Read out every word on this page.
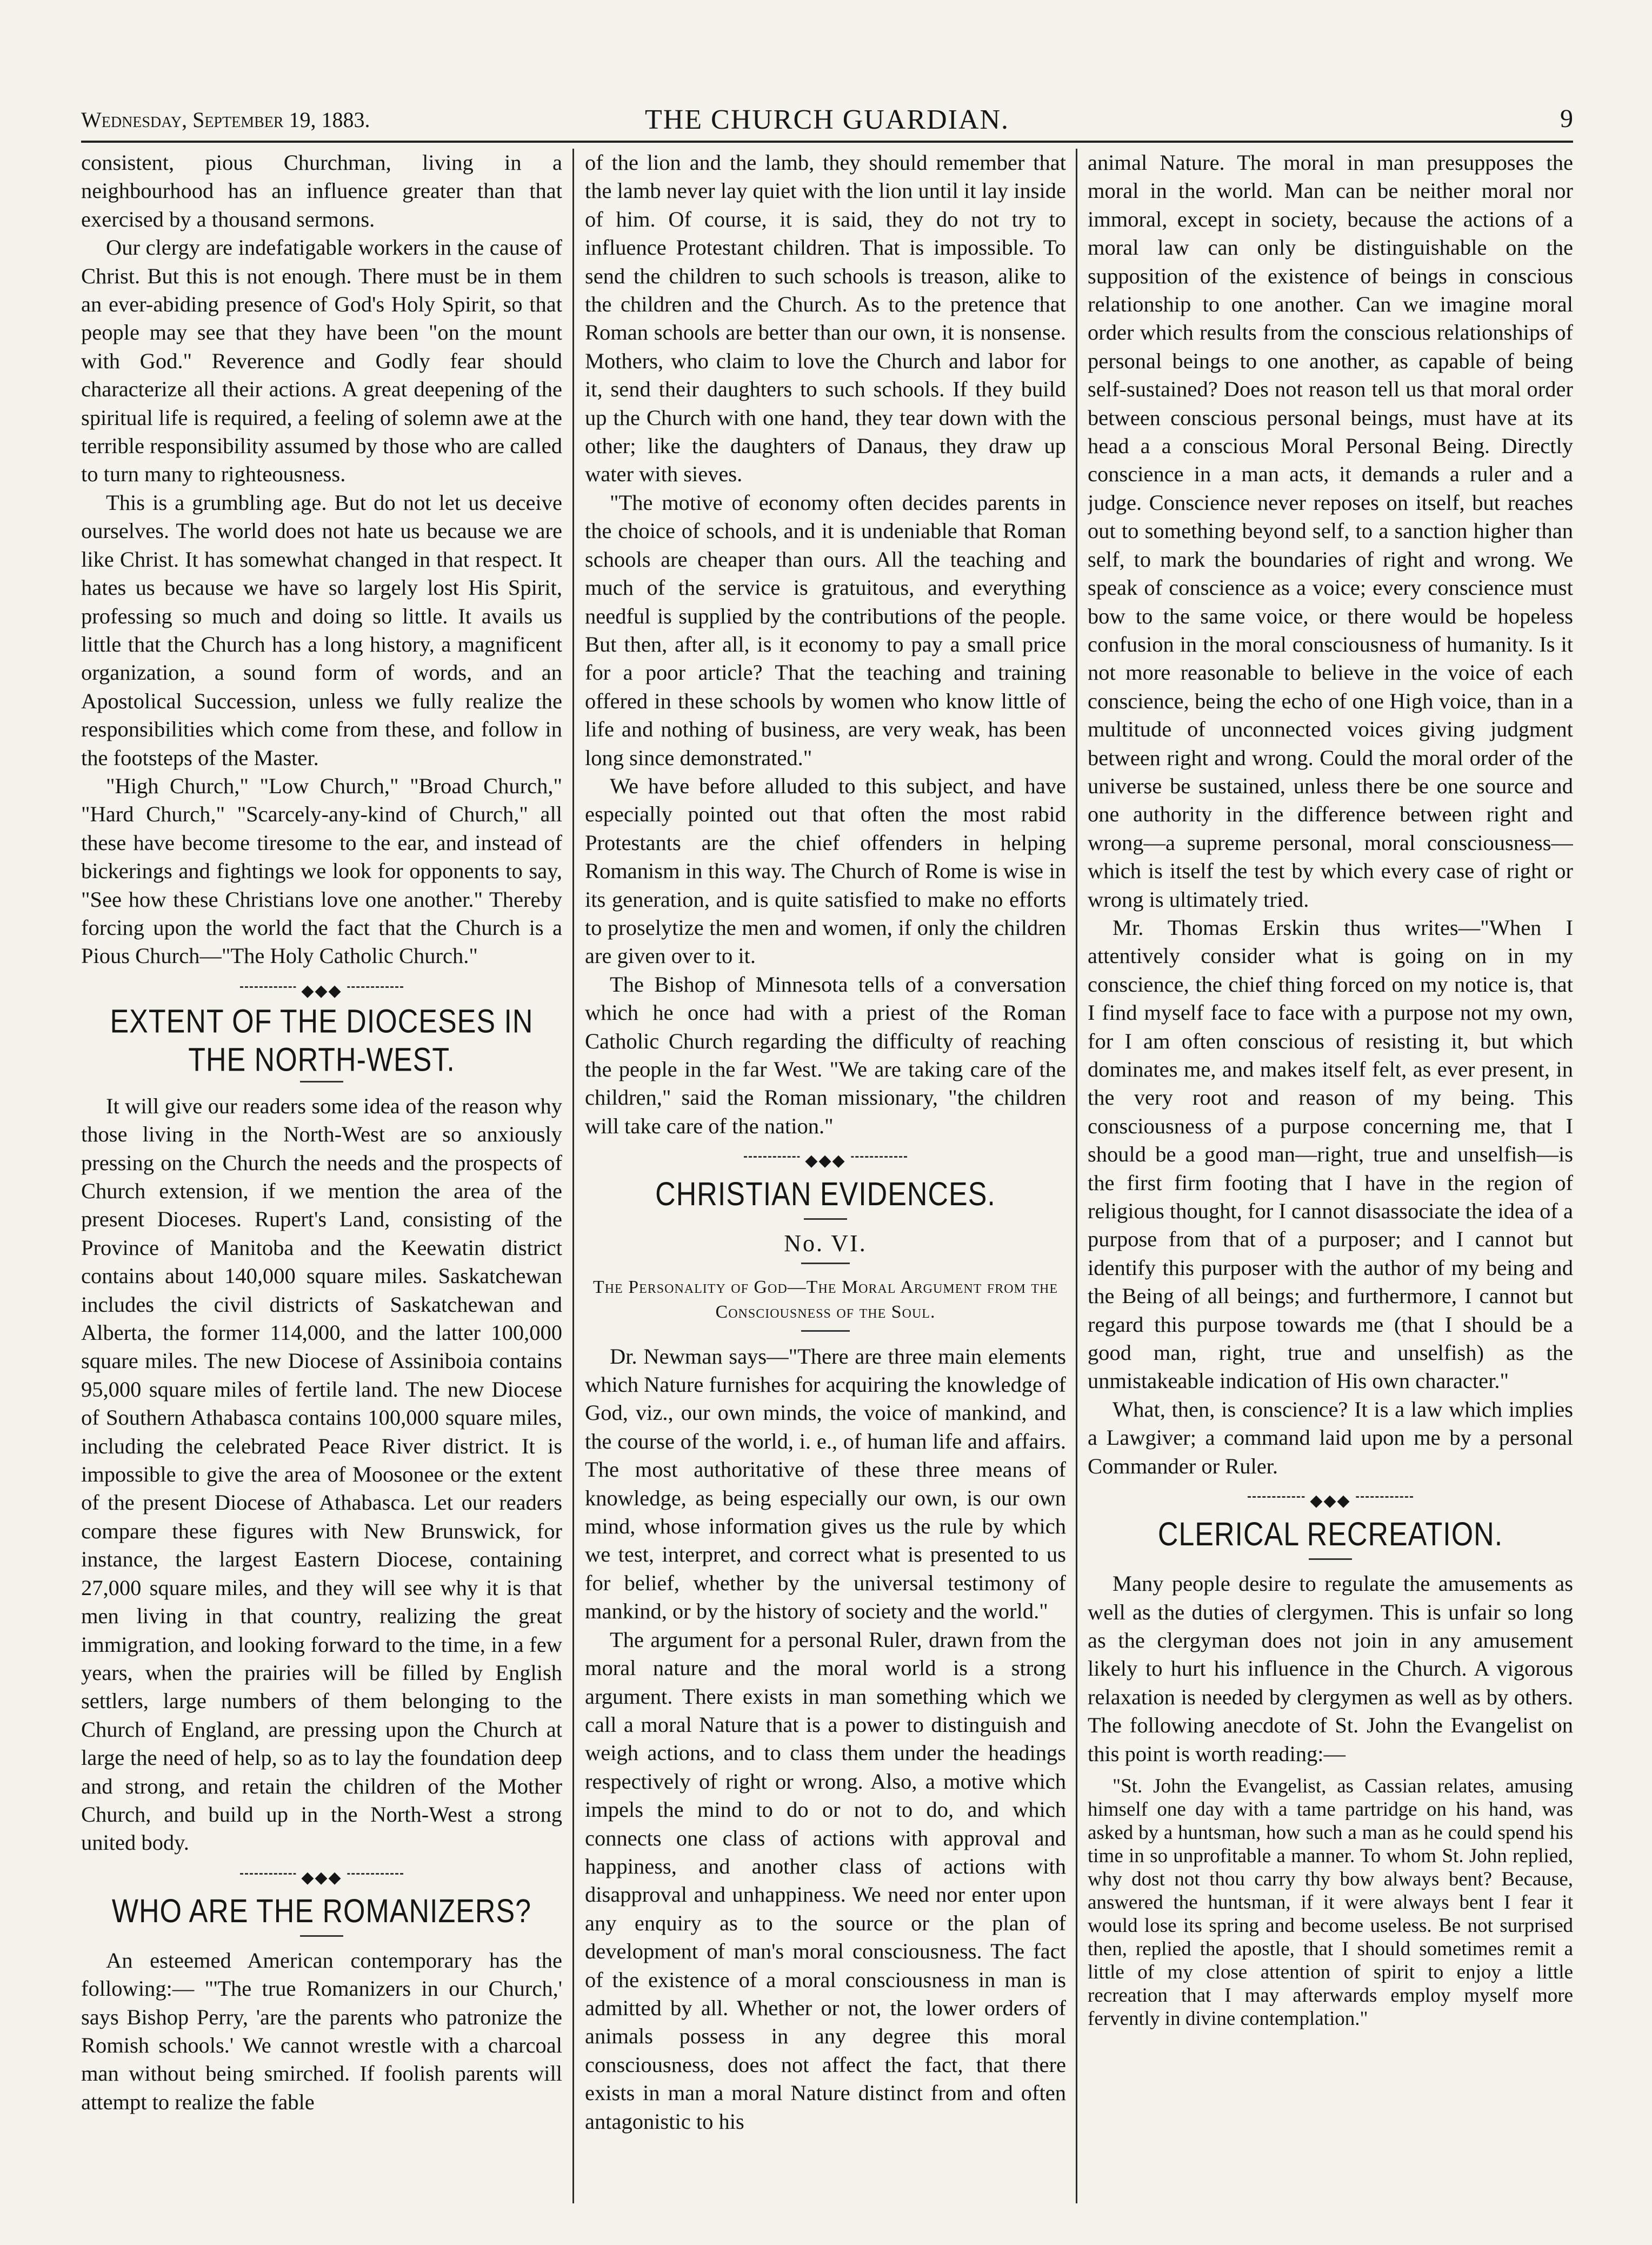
Wednesday, September 19, 1883.	THE CHURCH GUARDIAN.	9

consistent, pious Churchman, living in a neighbourhood has an influence greater than that exercised by a thousand sermons.

Our clergy are indefatigable workers in the cause of Christ. But this is not enough. There must be in them an ever-abiding presence of God's Holy Spirit, so that people may see that they have been "on the mount with God." Reverence and Godly fear should characterize all their actions. A great deepening of the spiritual life is required, a feeling of solemn awe at the terrible responsibility assumed by those who are called to turn many to righteousness.

This is a grumbling age. But do not let us deceive ourselves. The world does not hate us because we are like Christ. It has somewhat changed in that respect. It hates us because we have so largely lost His Spirit, professing so much and doing so little. It avails us little that the Church has a long history, a magnificent organization, a sound form of words, and an Apostolical Succession, unless we fully realize the responsibilities which come from these, and follow in the footsteps of the Master.

"High Church," "Low Church," "Broad Church," "Hard Church," "Scarcely-any-kind of Church," all these have become tiresome to the ear, and instead of bickerings and fightings we look for opponents to say, "See how these Christians love one another." Thereby forcing upon the world the fact that the Church is a Pious Church—"The Holy Catholic Church."

◆◆◆
EXTENT OF THE DIOCESES IN THE NORTH-WEST.

It will give our readers some idea of the reason why those living in the North-West are so anxiously pressing on the Church the needs and the prospects of Church extension, if we mention the area of the present Dioceses. Rupert's Land, consisting of the Province of Manitoba and the Keewatin district contains about 140,000 square miles. Saskatchewan includes the civil districts of Saskatchewan and Alberta, the former 114,000, and the latter 100,000 square miles. The new Diocese of Assiniboia contains 95,000 square miles of fertile land. The new Diocese of Southern Athabasca contains 100,000 square miles, including the celebrated Peace River district. It is impossible to give the area of Moosonee or the extent of the present Diocese of Athabasca. Let our readers compare these figures with New Brunswick, for instance, the largest Eastern Diocese, containing 27,000 square miles, and they will see why it is that men living in that country, realizing the great immigration, and looking forward to the time, in a few years, when the prairies will be filled by English settlers, large numbers of them belonging to the Church of England, are pressing upon the Church at large the need of help, so as to lay the foundation deep and strong, and retain the children of the Mother Church, and build up in the North-West a strong united body.

◆◆◆
WHO ARE THE ROMANIZERS?

An esteemed American contemporary has the following:— "'The true Romanizers in our Church,' says Bishop Perry, 'are the parents who patronize the Romish schools.' We cannot wrestle with a charcoal man without being smirched. If foolish parents will attempt to realize the fable

of the lion and the lamb, they should remember that the lamb never lay quiet with the lion until it lay inside of him. Of course, it is said, they do not try to influence Protestant children. That is impossible. To send the children to such schools is treason, alike to the children and the Church. As to the pretence that Roman schools are better than our own, it is nonsense. Mothers, who claim to love the Church and labor for it, send their daughters to such schools. If they build up the Church with one hand, they tear down with the other; like the daughters of Danaus, they draw up water with sieves.

"The motive of economy often decides parents in the choice of schools, and it is undeniable that Roman schools are cheaper than ours. All the teaching and much of the service is gratuitous, and everything needful is supplied by the contributions of the people. But then, after all, is it economy to pay a small price for a poor article? That the teaching and training offered in these schools by women who know little of life and nothing of business, are very weak, has been long since demonstrated."

We have before alluded to this subject, and have especially pointed out that often the most rabid Protestants are the chief offenders in helping Romanism in this way. The Church of Rome is wise in its generation, and is quite satisfied to make no efforts to proselytize the men and women, if only the children are given over to it.

The Bishop of Minnesota tells of a conversation which he once had with a priest of the Roman Catholic Church regarding the difficulty of reaching the people in the far West. "We are taking care of the children," said the Roman missionary, "the children will take care of the nation."

◆◆◆
CHRISTIAN EVIDENCES.
No. VI.
The Personality of God—The Moral Argument from the Consciousness of the Soul.

Dr. Newman says—"There are three main elements which Nature furnishes for acquiring the knowledge of God, viz., our own minds, the voice of mankind, and the course of the world, i. e., of human life and affairs. The most authoritative of these three means of knowledge, as being especially our own, is our own mind, whose information gives us the rule by which we test, interpret, and correct what is presented to us for belief, whether by the universal testimony of mankind, or by the history of society and the world."

The argument for a personal Ruler, drawn from the moral nature and the moral world is a strong argument. There exists in man something which we call a moral Nature that is a power to distinguish and weigh actions, and to class them under the headings respectively of right or wrong. Also, a motive which impels the mind to do or not to do, and which connects one class of actions with approval and happiness, and another class of actions with disapproval and unhappiness. We need nor enter upon any enquiry as to the source or the plan of development of man's moral consciousness. The fact of the existence of a moral consciousness in man is admitted by all. Whether or not, the lower orders of animals possess in any degree this moral consciousness, does not affect the fact, that there exists in man a moral Nature distinct from and often antagonistic to his

animal Nature. The moral in man presupposes the moral in the world. Man can be neither moral nor immoral, except in society, because the actions of a moral law can only be distinguishable on the supposition of the existence of beings in conscious relationship to one another. Can we imagine moral order which results from the conscious relationships of personal beings to one another, as capable of being self-sustained? Does not reason tell us that moral order between conscious personal beings, must have at its head a a conscious Moral Personal Being. Directly conscience in a man acts, it demands a ruler and a judge. Conscience never reposes on itself, but reaches out to something beyond self, to a sanction higher than self, to mark the boundaries of right and wrong. We speak of conscience as a voice; every conscience must bow to the same voice, or there would be hopeless confusion in the moral consciousness of humanity. Is it not more reasonable to believe in the voice of each conscience, being the echo of one High voice, than in a multitude of unconnected voices giving judgment between right and wrong. Could the moral order of the universe be sustained, unless there be one source and one authority in the difference between right and wrong—a supreme personal, moral consciousness—which is itself the test by which every case of right or wrong is ultimately tried.

Mr. Thomas Erskin thus writes—"When I attentively consider what is going on in my conscience, the chief thing forced on my notice is, that I find myself face to face with a purpose not my own, for I am often conscious of resisting it, but which dominates me, and makes itself felt, as ever present, in the very root and reason of my being. This consciousness of a purpose concerning me, that I should be a good man—right, true and unselfish—is the first firm footing that I have in the region of religious thought, for I cannot disassociate the idea of a purpose from that of a purposer; and I cannot but identify this purposer with the author of my being and the Being of all beings; and furthermore, I cannot but regard this purpose towards me (that I should be a good man, right, true and unselfish) as the unmistakeable indication of His own character."

What, then, is conscience? It is a law which implies a Lawgiver; a command laid upon me by a personal Commander or Ruler.

◆◆◆
CLERICAL RECREATION.

Many people desire to regulate the amusements as well as the duties of clergymen. This is unfair so long as the clergyman does not join in any amusement likely to hurt his influence in the Church. A vigorous relaxation is needed by clergymen as well as by others. The following anecdote of St. John the Evangelist on this point is worth reading:—

"St. John the Evangelist, as Cassian relates, amusing himself one day with a tame partridge on his hand, was asked by a huntsman, how such a man as he could spend his time in so unprofitable a manner. To whom St. John replied, why dost not thou carry thy bow always bent? Because, answered the huntsman, if it were always bent I fear it would lose its spring and become useless. Be not surprised then, replied the apostle, that I should sometimes remit a little of my close attention of spirit to enjoy a little recreation that I may afterwards employ myself more fervently in divine contemplation."
